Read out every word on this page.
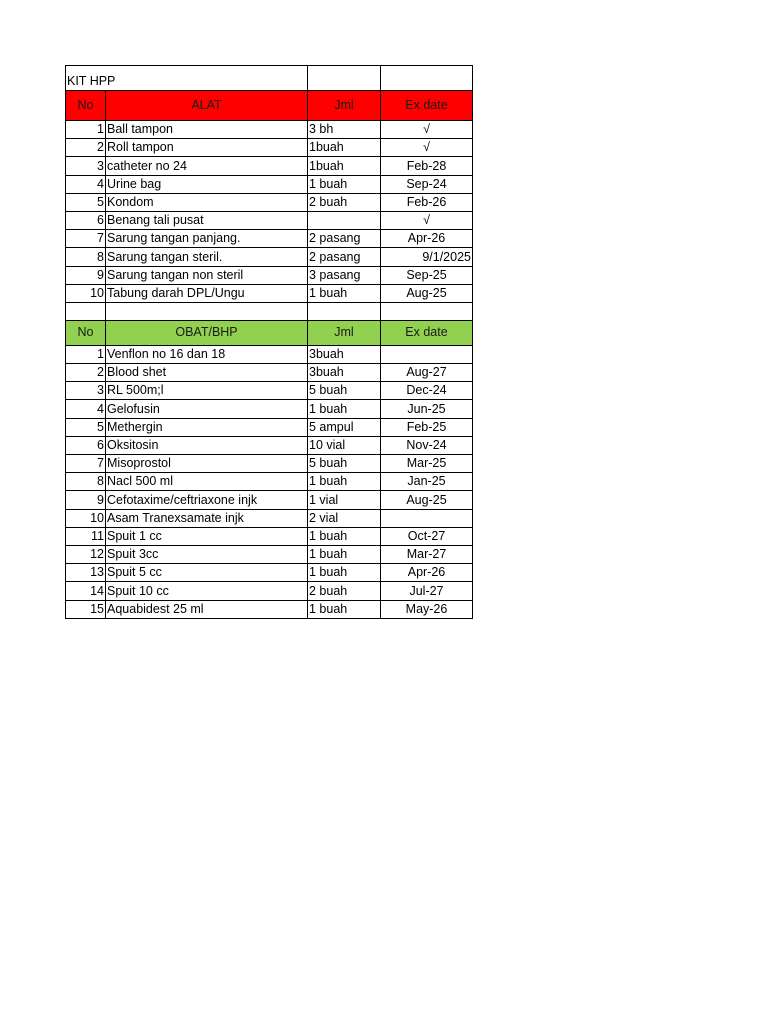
KIT HPP			
No	ALAT	Jml	Ex date
1	Ball tampon	3 bh	√
2	Roll tampon	1buah	√
3	catheter no 24	1buah	Feb-28
4	Urine bag	1 buah	Sep-24
5	Kondom	2 buah	Feb-26
6	Benang tali pusat		√
7	Sarung tangan panjang.	2 pasang	Apr-26
8	Sarung tangan steril.	2 pasang	9/1/2025
9	Sarung tangan non steril	3 pasang	Sep-25
10	Tabung darah DPL/Ungu	1 buah	Aug-25

No	OBAT/BHP	Jml	Ex date
1	Venflon no 16 dan 18	3buah	
2	Blood shet	3buah	Aug-27
3	RL 500m;l	5 buah	Dec-24
4	Gelofusin	1 buah	Jun-25
5	Methergin	5 ampul	Feb-25
6	Oksitosin	10 vial	Nov-24
7	Misoprostol	5 buah	Mar-25
8	Nacl 500 ml	1 buah	Jan-25
9	Cefotaxime/ceftriaxone injk	1 vial	Aug-25
10	Asam Tranexsamate injk	2 vial	
11	Spuit 1 cc	1 buah	Oct-27
12	Spuit 3cc	1 buah	Mar-27
13	Spuit 5 cc	1 buah	Apr-26
14	Spuit 10 cc	2 buah	Jul-27
15	Aquabidest 25 ml	1 buah	May-26
